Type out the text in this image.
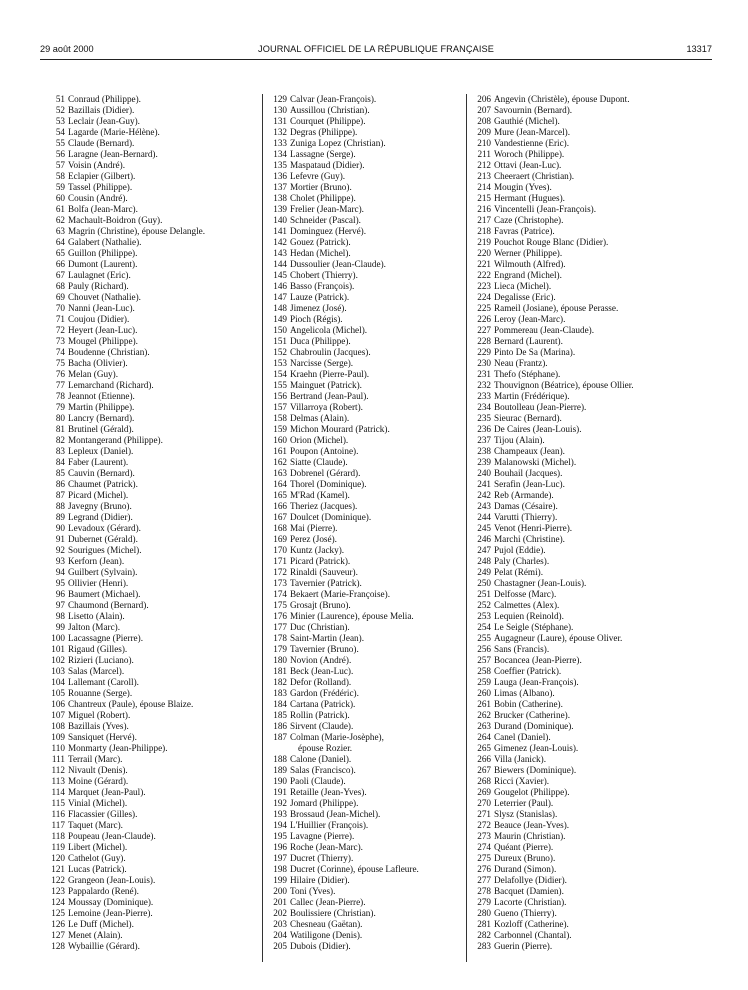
29 août 2000	JOURNAL OFFICIEL DE LA RÉPUBLIQUE FRANÇAISE	13317
51 Conraud (Philippe).
52 Bazillais (Didier).
53 Leclair (Jean-Guy).
54 Lagarde (Marie-Hélène).
55 Claude (Bernard).
56 Laragne (Jean-Bernard).
57 Voisin (André).
58 Eclapier (Gilbert).
59 Tassel (Philippe).
60 Cousin (André).
61 Bolfa (Jean-Marc).
62 Machault-Boidron (Guy).
63 Magrin (Christine), épouse Delangle.
64 Galabert (Nathalie).
65 Guillon (Philippe).
66 Dumont (Laurent).
67 Laulagnet (Eric).
68 Pauly (Richard).
69 Chouvet (Nathalie).
70 Nanni (Jean-Luc).
71 Coujou (Didier).
72 Heyert (Jean-Luc).
73 Mougel (Philippe).
74 Boudenne (Christian).
75 Bacha (Olivier).
76 Melan (Guy).
77 Lemarchand (Richard).
78 Jeannot (Etienne).
79 Martin (Philippe).
80 Lancry (Bernard).
81 Brutinel (Gérald).
82 Montangerand (Philippe).
83 Lepleux (Daniel).
84 Faber (Laurent).
85 Cauvin (Bernard).
86 Chaumet (Patrick).
87 Picard (Michel).
88 Javegny (Bruno).
89 Legrand (Didier).
90 Levadoux (Gérard).
91 Dubernet (Gérald).
92 Sourigues (Michel).
93 Kerforn (Jean).
94 Guilbert (Sylvain).
95 Ollivier (Henri).
96 Baumert (Michael).
97 Chaumond (Bernard).
98 Lisetto (Alain).
99 Jalton (Marc).
100 Lacassagne (Pierre).
101 Rigaud (Gilles).
102 Rizieri (Luciano).
103 Salas (Marcel).
104 Lallemant (Caroll).
105 Rouanne (Serge).
106 Chantreux (Paule), épouse Blaize.
107 Miguel (Robert).
108 Bazillais (Yves).
109 Sansiquet (Hervé).
110 Monmarty (Jean-Philippe).
111 Terrail (Marc).
112 Nivault (Denis).
113 Moine (Gérard).
114 Marquet (Jean-Paul).
115 Vinial (Michel).
116 Flacassier (Gilles).
117 Taquet (Marc).
118 Poupeau (Jean-Claude).
119 Libert (Michel).
120 Cathelot (Guy).
121 Lucas (Patrick).
122 Grangeon (Jean-Louis).
123 Pappalardo (René).
124 Moussay (Dominique).
125 Lemoine (Jean-Pierre).
126 Le Duff (Michel).
127 Menet (Alain).
128 Wybaillie (Gérard).
129 Calvar (Jean-François).
130 Aussillou (Christian).
131 Courquet (Philippe).
132 Degras (Philippe).
133 Zuniga Lopez (Christian).
134 Lassagne (Serge).
135 Maspataud (Didier).
136 Lefevre (Guy).
137 Mortier (Bruno).
138 Cholet (Philippe).
139 Frelier (Jean-Marc).
140 Schneider (Pascal).
141 Dominguez (Hervé).
142 Gouez (Patrick).
143 Hedan (Michel).
144 Dussoulier (Jean-Claude).
145 Chobert (Thierry).
146 Basso (François).
147 Lauze (Patrick).
148 Jimenez (José).
149 Pioch (Régis).
150 Angelicola (Michel).
151 Duca (Philippe).
152 Chabroulin (Jacques).
153 Narcisse (Serge).
154 Kraehn (Pierre-Paul).
155 Mainguet (Patrick).
156 Bertrand (Jean-Paul).
157 Villarroya (Robert).
158 Delmas (Alain).
159 Michon Mourard (Patrick).
160 Orion (Michel).
161 Poupon (Antoine).
162 Siatte (Claude).
163 Dobrenel (Gérard).
164 Thorel (Dominique).
165 M'Rad (Kamel).
166 Theriez (Jacques).
167 Doulcet (Dominique).
168 Mai (Pierre).
169 Perez (José).
170 Kuntz (Jacky).
171 Picard (Patrick).
172 Rinaldi (Sauveur).
173 Tavernier (Patrick).
174 Bekaert (Marie-Françoise).
175 Grosajt (Bruno).
176 Minier (Laurence), épouse Melia.
177 Duc (Christian).
178 Saint-Martin (Jean).
179 Tavernier (Bruno).
180 Novion (André).
181 Beck (Jean-Luc).
182 Defor (Rolland).
183 Gardon (Frédéric).
184 Cartana (Patrick).
185 Rollin (Patrick).
186 Sirvent (Claude).
187 Colman (Marie-Josèphe),
épouse Rozier.
188 Calone (Daniel).
189 Salas (Francisco).
190 Paoli (Claude).
191 Retaille (Jean-Yves).
192 Jomard (Philippe).
193 Brossaud (Jean-Michel).
194 L'Huillier (François).
195 Lavagne (Pierre).
196 Roche (Jean-Marc).
197 Ducret (Thierry).
198 Ducret (Corinne), épouse Lafleure.
199 Hilaire (Didier).
200 Toni (Yves).
201 Callec (Jean-Pierre).
202 Boulissiere (Christian).
203 Chesneau (Gaëtan).
204 Watiligone (Denis).
205 Dubois (Didier).
206 Angevin (Christèle), épouse Dupont.
207 Savournin (Bernard).
208 Gauthié (Michel).
209 Mure (Jean-Marcel).
210 Vandestienne (Eric).
211 Woroch (Philippe).
212 Ottavi (Jean-Luc).
213 Cheeraert (Christian).
214 Mougin (Yves).
215 Hermant (Hugues).
216 Vincentelli (Jean-François).
217 Caze (Christophe).
218 Favras (Patrice).
219 Pouchot Rouge Blanc (Didier).
220 Werner (Philippe).
221 Wilmouth (Alfred).
222 Engrand (Michel).
223 Lieca (Michel).
224 Degalisse (Eric).
225 Rameil (Josiane), épouse Perasse.
226 Leroy (Jean-Marc).
227 Pommereau (Jean-Claude).
228 Bernard (Laurent).
229 Pinto De Sa (Marina).
230 Neau (Frantz).
231 Thefo (Stéphane).
232 Thouvignon (Béatrice), épouse Ollier.
233 Martin (Frédérique).
234 Boutolleau (Jean-Pierre).
235 Sieurac (Bernard).
236 De Caires (Jean-Louis).
237 Tijou (Alain).
238 Champeaux (Jean).
239 Malanowski (Michel).
240 Bouhail (Jacques).
241 Serafin (Jean-Luc).
242 Reb (Armande).
243 Damas (Césaire).
244 Varutti (Thierry).
245 Venot (Henri-Pierre).
246 Marchi (Christine).
247 Pujol (Eddie).
248 Paly (Charles).
249 Pelat (Rémi).
250 Chastagner (Jean-Louis).
251 Delfosse (Marc).
252 Calmettes (Alex).
253 Lequien (Reinold).
254 Le Seigle (Stéphane).
255 Augagneur (Laure), épouse Oliver.
256 Sans (Francis).
257 Bocancea (Jean-Pierre).
258 Coeffier (Patrick).
259 Lauga (Jean-François).
260 Limas (Albano).
261 Bobin (Catherine).
262 Brucker (Catherine).
263 Durand (Dominique).
264 Canel (Daniel).
265 Gimenez (Jean-Louis).
266 Villa (Janick).
267 Biewers (Dominique).
268 Ricci (Xavier).
269 Gougelot (Philippe).
270 Leterrier (Paul).
271 Slysz (Stanislas).
272 Beauce (Jean-Yves).
273 Maurin (Christian).
274 Quéant (Pierre).
275 Dureux (Bruno).
276 Durand (Simon).
277 Delafollye (Didier).
278 Bacquet (Damien).
279 Lacorte (Christian).
280 Gueno (Thierry).
281 Kozloff (Catherine).
282 Carbonnel (Chantal).
283 Guerin (Pierre).
